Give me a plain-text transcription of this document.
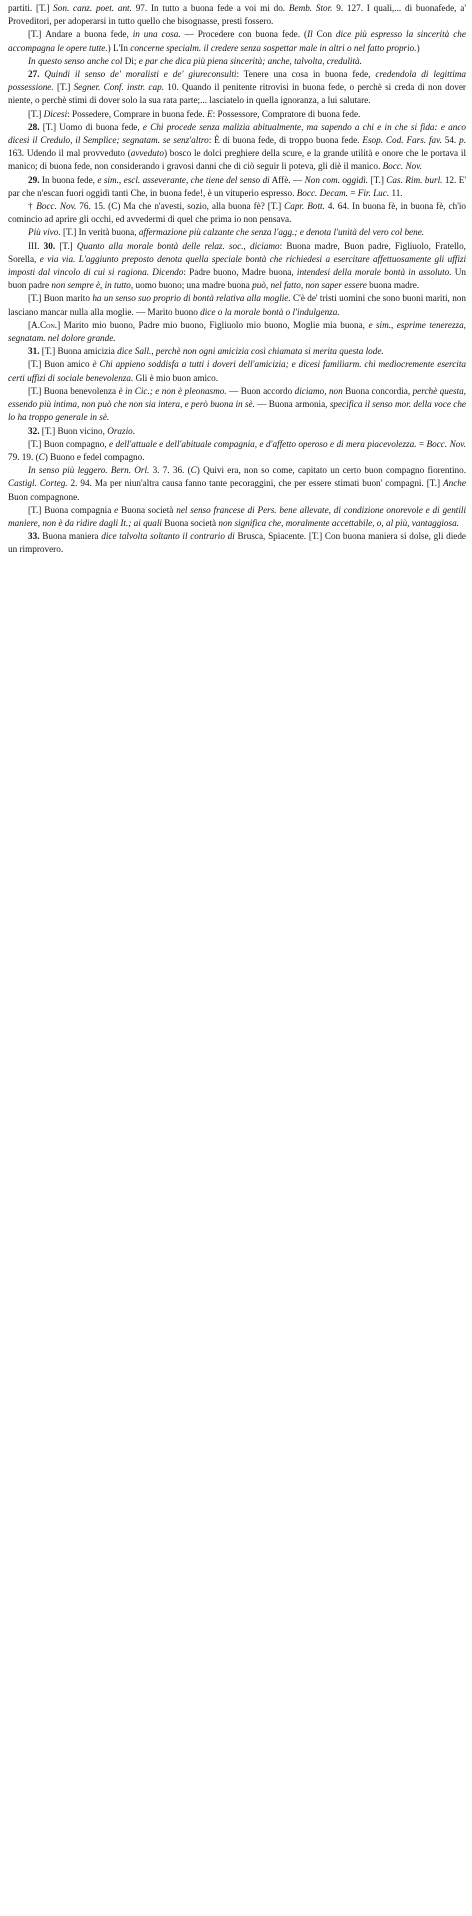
partiti. [T.] Son. canz. poet. ant. 97. In tutto a buona fede a voi mi do. Bemb. Stor. 9. 127. I quali,... di buonafede, a' Proveditori, per adoperarsi in tutto quello che bisognasse, presti fossero.

[T.] Andare a buona fede, in una cosa. — Procedere con buona fede. (Il Con dice più espresso la sincerità che accompagna le opere tutte.) L'In concerne specialm. il credere senza sospettar male in altri o nel fatto proprio.)

In questo senso anche col Di; e par che dica più piena sincerità; anche, talvolta, credulità.

27. Quindi il senso de' moralisti e de' giureconsulti: Tenere una cosa in buona fede, credendola di legittima possessione. [T.] Segner. Conf. instr. cap. 10. Quando il penitente ritrovisi in buona fede, o perchè si creda di non dover niente, o perchè stimi di dover solo la sua rata parte;... lasciatelo in quella ignoranza, a lui salutare.

[T.] Dicesi: Possedere, Comprare in buona fede. E: Possessore, Compratore di buona fede.

28. [T.] Uomo di buona fede, e Chi procede senza malizia abitualmente, ma sapendo a chi e in che si fida: e anco dicesi il Credulo, il Semplice; segnatam. se senz'altro: È di buona fede, di troppo buona fede. Esop. Cod. Fars. fav. 54. p. 163. Udendo il mal provveduto (avveduto) bosco le dolci preghiere della scure, e la grande utilità e onore che le portava il manico; di buona fede, non considerando i gravosi danni che di ciò seguir li poteva, gli diè il manico. Bocc. Nov.

29. In buona fede, e sim., escl. asseverante, che tiene del senso di Affè. — Non com. oggidì. [T.] Cas. Rim. burl. 12. E' par che n'escan fuori oggidì tanti Che, in buona fede!, è un vituperio espresso. Bocc. Decam. = Fir. Luc. 11.

† Bocc. Nov. 76. 15. (C) Ma che n'avesti, sozio, alla buona fè? [T.] Capr. Bott. 4. 64. In buona fè, in buona fè, ch'io comincio ad aprire gli occhi, ed avvedermi di quel che prima io non pensava.

Più vivo. [T.] In verità buona, affermazione più calzante che senza l'agg.; e denota l'unità del vero col bene.

III. 30. [T.] Quanto alla morale bontà delle relaz. soc., diciamo: Buona madre, Buon padre, Figliuolo, Fratello, Sorella, e via via. L'aggiunto preposto denota quella speciale bontà che richiedesi a esercitare affettuosamente gli uffizi imposti dal vincolo di cui si ragiona. Dicendo: Padre buono, Madre buona, intendesi della morale bontà in assoluto. Un buon padre non sempre è, in tutto, uomo buono; una madre buona può, nel fatto, non saper essere buona madre.

[T.] Buon marito ha un senso suo proprio di bontà relativa alla moglie. C'è de' tristi uomini che sono buoni mariti, non lasciano mancar nulla alla moglie. — Marito buono dice o la morale bontà o l'indulgenza.

[A.Con.] Marito mio buono, Padre mio buono, Figliuolo mio buono, Moglie mia buona, e sim., esprime tenerezza, segnatam. nel dolore grande.

31. [T.] Buona amicizia dice Sall., perchè non ogni amicizia così chiamata si merita questa lode.

[T.] Buon amico è Chi appieno soddisfa a tutti i doveri dell'amicizia; e dicesi familiarm. chi mediocremente esercita certi uffizi di sociale benevolenza. Gli è mio buon amico.

[T.] Buona benevolenza è in Cic.; e non è pleonasmo. — Buon accordo diciamo, non Buona concordia, perchè questa, essendo più intima, non può che non sia intera, e però buona in sè. — Buona armonia, specifica il senso mor. della voce che lo ha troppo generale in sè.

32. [T.] Buon vicino, Orazio.

[T.] Buon compagno, e dell'attuale e dell'abituale compagnia, e d'affetto operoso e di mera piacevolezza. = Bocc. Nov. 79. 19. (C) Buono e fedel compagno.

In senso più leggero. Bern. Orl. 3. 7. 36. (C) Quivi era, non so come, capitato un certo buon compagno fiorentino. Castigl. Corteg. 2. 94. Ma per niun'altra causa fanno tante pecoraggini, che per essere stimati buon' compagni. [T.] Anche Buon compagnone.

[T.] Buona compagnia e Buona società nel senso francese di Pers. bene allevate, di condizione onorevole e di gentili maniere, non è da ridire dagli It.; ai quali Buona società non significa che, moralmente accettabile, o, al più, vantaggiosa.

33. Buona maniera dice talvolta soltanto il contrario di Brusca, Spiacente. [T.] Con buona maniera si dolse, gli diede un rimprovero.
